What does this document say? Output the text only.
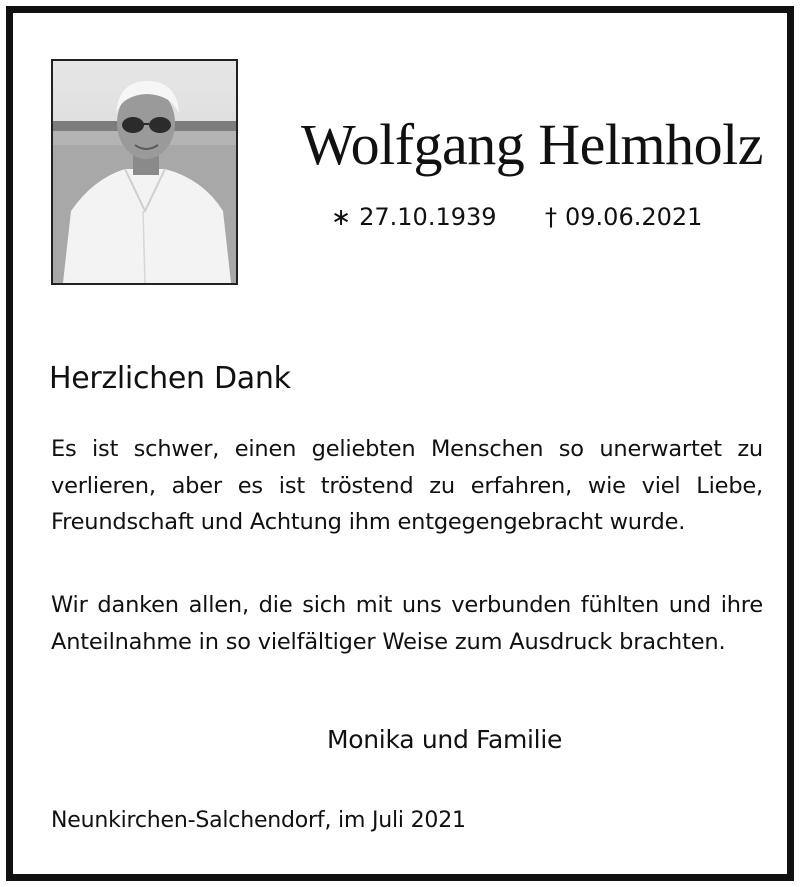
Wolfgang Helmholz
∗ 27.10.1939 † 09.06.2021
Herzlichen Dank

Es ist schwer, einen geliebten Menschen so unerwartet zu verlieren, aber es ist tröstend zu erfahren, wie viel Liebe, Freundschaft und Achtung ihm entgegengebracht wurde.

Wir danken allen, die sich mit uns verbunden fühlten und ihre Anteilnahme in so vielfältiger Weise zum Ausdruck brachten.

Monika und Familie
Neunkirchen-Salchendorf, im Juli 2021
